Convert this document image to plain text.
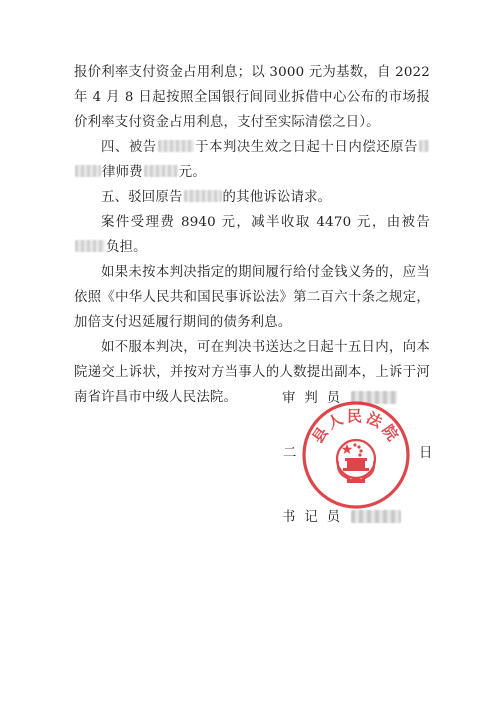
报价利率支付资金占用利息；以 3000 元为基数，自 2022 年 4 月 8 日起按照全国银行间同业拆借中心公布的市场报价利率支付资金占用利息，支付至实际清偿之日）。

四、被告	于本判决生效之日起十日内偿还原告律师费	元。

五、驳回原告	的其他诉讼请求。

案件受理费 8940 元，减半收取 4470 元，由被告负担。

如果未按本判决指定的期间履行给付金钱义务的，应当依照《中华人民共和国民事诉讼法》第二百六十条之规定，加倍支付迟延履行期间的债务利息。

如不服本判决，可在判决书送达之日起十五日内，向本院递交上诉状，并按对方当事人的人数提出副本，上诉于河南省许昌市中级人民法院。	审判员
二	日
书记员
县人民法院
